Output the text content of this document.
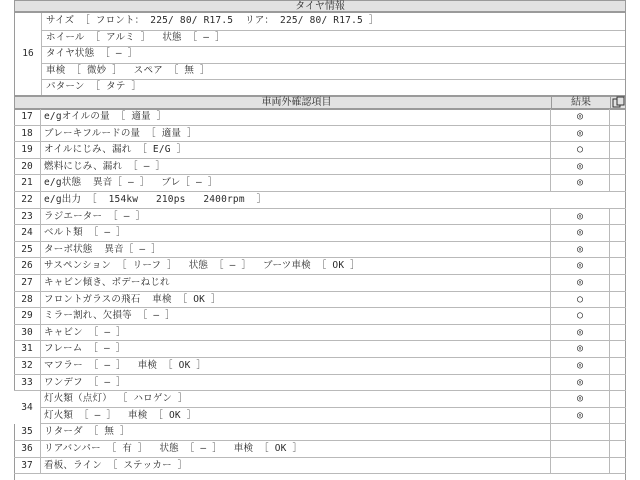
タイヤ情報
16
サイズ ［ フロント： 225/ 80/ R17.5  リア： 225/ 80/ R17.5 ］
ホイール ［ アルミ ］  状態 ［ ― ］
タイヤ状態 ［ ― ］
車検 ［ 微妙 ］  スペア ［ 無 ］
パターン ［ タテ ］
車両外確認項目	結果
17	e/gオイルの量 ［ 適量 ］	◎
18	ブレーキフルードの量 ［ 適量 ］	◎
19	オイルにじみ、漏れ ［ E/G ］	○
20	燃料にじみ、漏れ ［ ― ］	◎
21	e/g状態  異音［ ― ］  ブレ［ ― ］	◎
22	e/g出力 ［  154kw   210ps   2400rpm  ］
23	ラジエーター ［ ― ］	◎
24	ベルト類 ［ ― ］	◎
25	ターボ状態  異音［ ― ］	◎
26	サスペンション ［ リーフ ］  状態 ［ ― ］  ブーツ車検 ［ OK ］	◎
27	キャビン傾き、ボデーねじれ	◎
28	フロントガラスの飛石  車検 ［ OK ］	○
29	ミラー割れ、欠損等 ［ ― ］	○
30	キャビン ［ ― ］	◎
31	フレーム ［ ― ］	◎
32	マフラー ［ ― ］  車検 ［ OK ］	◎
33	ワンデフ ［ ― ］	◎
34
灯火類（点灯） ［ ハロゲン ］	◎
灯火類 ［ ― ］  車検 ［ OK ］	◎
35	リターダ ［ 無 ］
36	リアバンパー ［ 有 ］  状態 ［ ― ］  車検 ［ OK ］
37	看板、ライン ［ ステッカー ］
